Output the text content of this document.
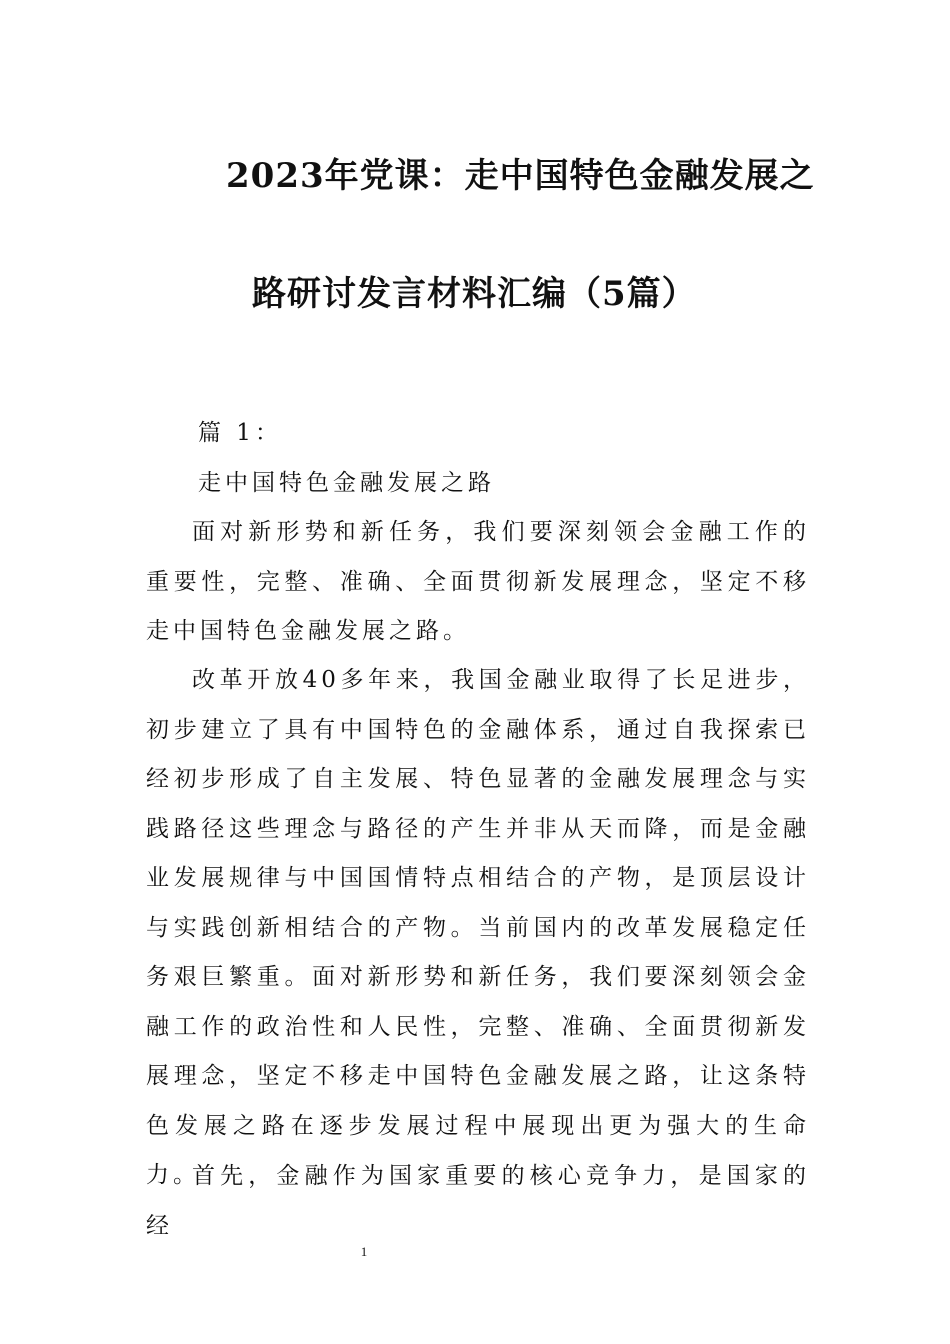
2023年党课：走中国特色金融发展之
路研讨发言材料汇编（5篇）
篇 1：
走中国特色金融发展之路

面对新形势和新任务，我们要深刻领会金融工作的重要性，完整、准确、全面贯彻新发展理念，坚定不移走中国特色金融发展之路。

改革开放40多年来，我国金融业取得了长足进步，初步建立了具有中国特色的金融体系，通过自我探索已经初步形成了自主发展、特色显著的金融发展理念与实践路径这些理念与路径的产生并非从天而降，而是金融业发展规律与中国国情特点相结合的产物，是顶层设计与实践创新相结合的产物。当前国内的改革发展稳定任务艰巨繁重。面对新形势和新任务，我们要深刻领会金融工作的政治性和人民性，完整、准确、全面贯彻新发展理念，坚定不移走中国特色金融发展之路，让这条特色发展之路在逐步发展过程中展现出更为强大的生命力。

首先，金融作为国家重要的核心竞争力，是国家的经

1
